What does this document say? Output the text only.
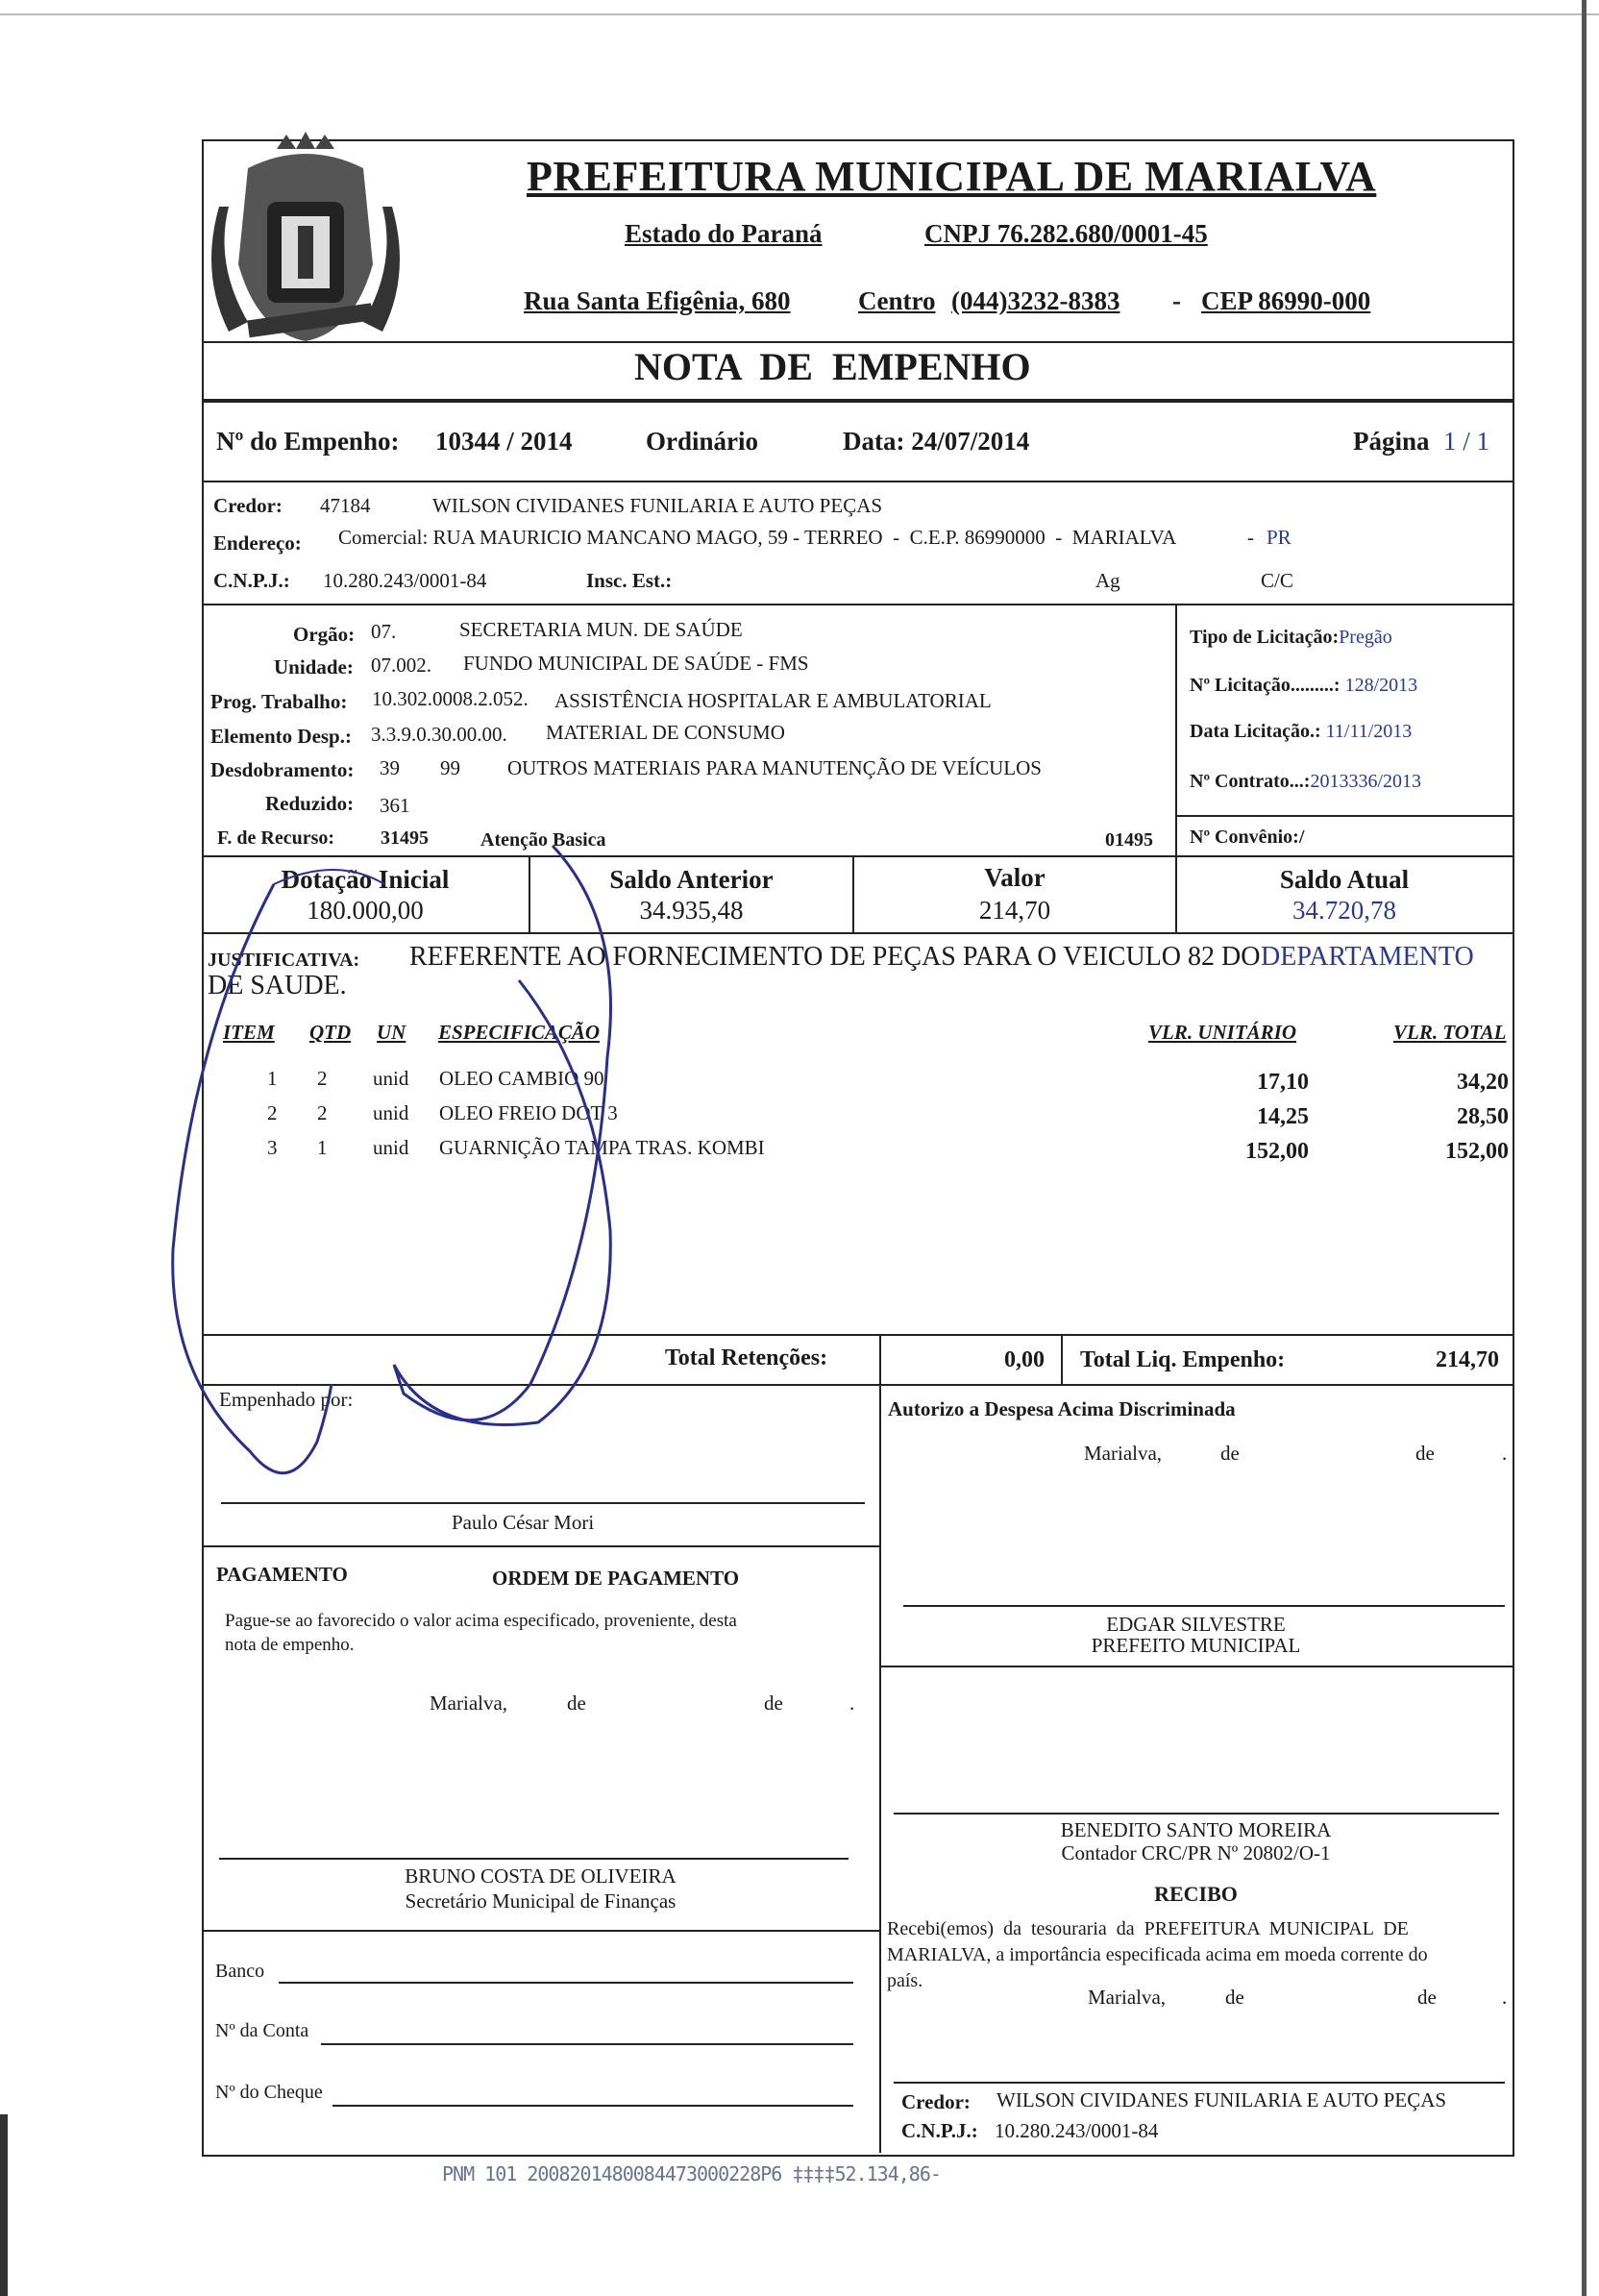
PREFEITURA MUNICIPAL DE MARIALVA
Estado do Paraná	CNPJ 76.282.680/0001-45
Rua Santa Efigênia, 680	Centro (044)3232-8383 - CEP 86990-000
NOTA  DE  EMPENHO
Nº do Empenho: 10344 / 2014	Ordinário	Data: 24/07/2014	Página 1 / 1
Credor: 47184	WILSON CIVIDANES FUNILARIA E AUTO PEÇAS
Endereço: Comercial: RUA MAURICIO MANCANO MAGO, 59 - TERREO  -  C.E.P. 86990000  -  MARIALVA	- PR
C.N.P.J.: 10.280.243/0001-84	Insc. Est.:	Ag	C/C
Orgão: 07.	SECRETARIA MUN. DE SAÚDE
Unidade: 07.002. FUNDO MUNICIPAL DE SAÚDE - FMS
Prog. Trabalho: 10.302.0008.2.052. ASSISTÊNCIA HOSPITALAR E AMBULATORIAL
Elemento Desp.: 3.3.9.0.30.00.00. MATERIAL DE CONSUMO
Desdobramento: 39 99 OUTROS MATERIAIS PARA MANUTENÇÃO DE VEÍCULOS
Reduzido: 361
F. de Recurso: 31495	Atenção Basica	01495
Tipo de Licitação:Pregão
Nº Licitação.........: 128/2013
Data Licitação.: 11/11/2013
Nº Contrato...:2013336/2013
Nº Convênio:/
Dotação Inicial
180.000,00
Saldo Anterior
34.935,48
Valor
214,70
Saldo Atual
34.720,78
JUSTIFICATIVA: REFERENTE AO FORNECIMENTO DE PEÇAS PARA O VEICULO 82 DO DEPARTAMENTO
DE SAUDE.
ITEM QTD UN ESPECIFICAÇÃO	VLR. UNITÁRIO	VLR. TOTAL
1 2 unid OLEO CAMBIO 90	17,10	34,20
2 2 unid OLEO FREIO DOT 3	14,25	28,50
3 1 unid GUARNIÇÃO TAMPA TRAS. KOMBI	152,00	152,00
Total Retenções:	0,00 Total Liq. Empenho:	214,70
Empenhado por:
Paulo César Mori
PAGAMENTO	ORDEM DE PAGAMENTO
Pague-se ao favorecido o valor acima especificado, proveniente, desta
nota de empenho.
Marialva,	de	de	.
BRUNO COSTA DE OLIVEIRA
Secretário Municipal de Finanças
Banco
Nº da Conta
Nº do Cheque
Autorizo a Despesa Acima Discriminada
Marialva,	de	de	.
EDGAR SILVESTRE
PREFEITO MUNICIPAL
BENEDITO SANTO MOREIRA
Contador CRC/PR Nº 20802/O-1
RECIBO
Recebi(emos)  da  tesouraria  da  PREFEITURA  MUNICIPAL  DE
MARIALVA, a importância especificada acima em moeda corrente do
país.
Marialva,	de	de	.
Credor: WILSON CIVIDANES FUNILARIA E AUTO PEÇAS
C.N.P.J.: 10.280.243/0001-84
PNM 101 2008201480084473000228P6 ‡‡‡‡52.134,86-
